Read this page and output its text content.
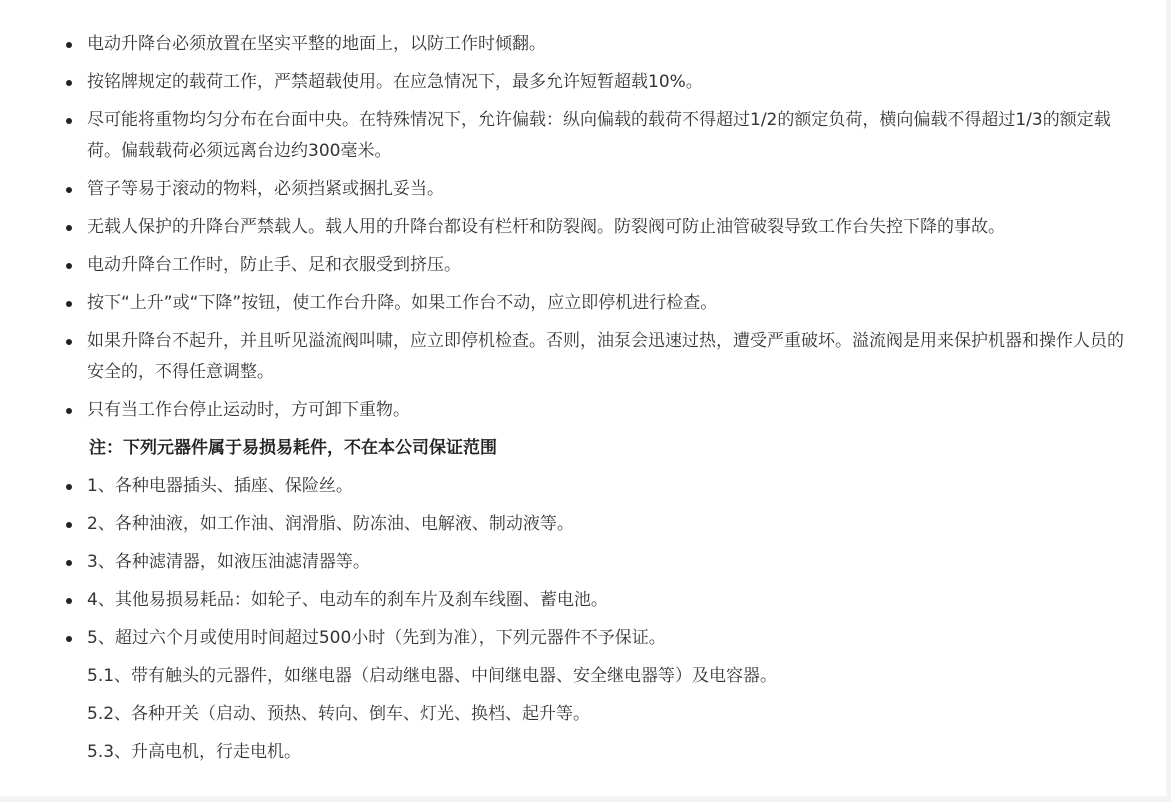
电动升降台必须放置在坚实平整的地面上，以防工作时倾翻。
按铭牌规定的载荷工作，严禁超载使用。在应急情况下，最多允许短暂超载10%。
尽可能将重物均匀分布在台面中央。在特殊情况下，允许偏载：纵向偏载的载荷不得超过1/2的额定负荷，横向偏载不得超过1/3的额定载荷。偏载载荷必须远离台边约300毫米。
管子等易于滚动的物料，必须挡紧或捆扎妥当。
无载人保护的升降台严禁载人。载人用的升降台都设有栏杆和防裂阀。防裂阀可防止油管破裂导致工作台失控下降的事故。
电动升降台工作时，防止手、足和衣服受到挤压。
按下“上升”或“下降”按钮，使工作台升降。如果工作台不动，应立即停机进行检查。
如果升降台不起升，并且听见溢流阀叫啸，应立即停机检查。否则，油泵会迅速过热，遭受严重破坏。溢流阀是用来保护机器和操作人员的安全的，不得任意调整。
只有当工作台停止运动时，方可卸下重物。
注：下列元器件属于易损易耗件，不在本公司保证范围
1、各种电器插头、插座、保险丝。
2、各种油液，如工作油、润滑脂、防冻油、电解液、制动液等。
3、各种滤清器，如液压油滤清器等。
4、其他易损易耗品：如轮子、电动车的刹车片及刹车线圈、蓄电池。
5、超过六个月或使用时间超过500小时（先到为准），下列元器件不予保证。
5.1、带有触头的元器件，如继电器（启动继电器、中间继电器、安全继电器等）及电容器。
5.2、各种开关（启动、预热、转向、倒车、灯光、换档、起升等。
5.3、升高电机，行走电机。
